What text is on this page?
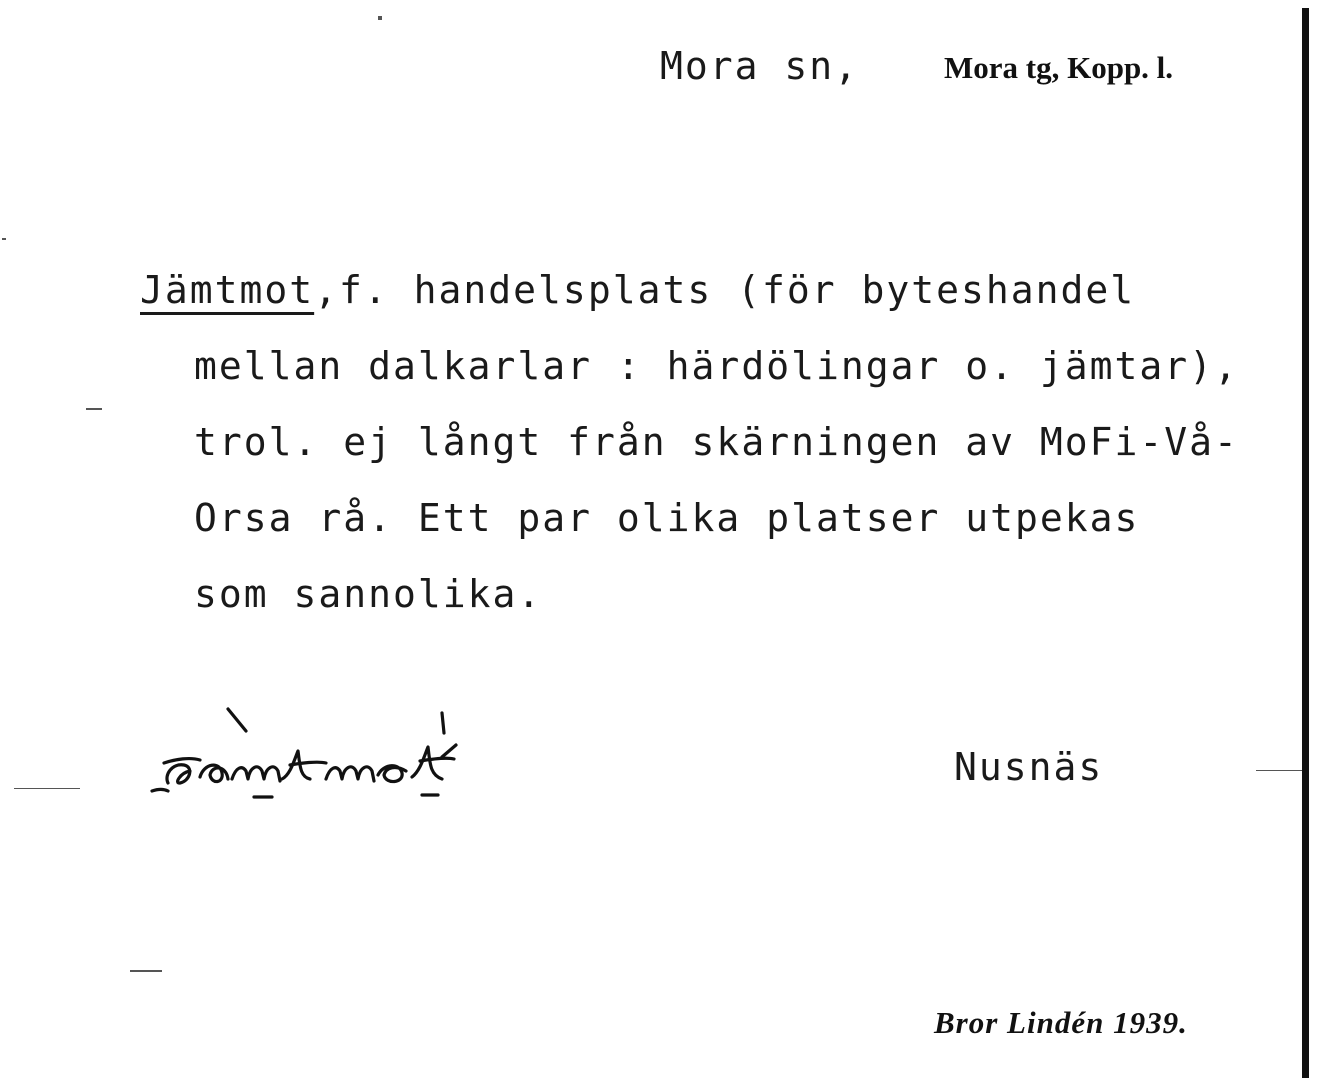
Mora sn,	Mora tg, Kopp. l.
Jämtmot,f. handelsplats (för byteshandel
mellan dalkarlar : härdölingar o. jämtar),
trol. ej långt från skärningen av MoFi-Vå-
Orsa rå. Ett par olika platser utpekas
som sannolika.
Nusnäs
Bror Lindén 1939.
